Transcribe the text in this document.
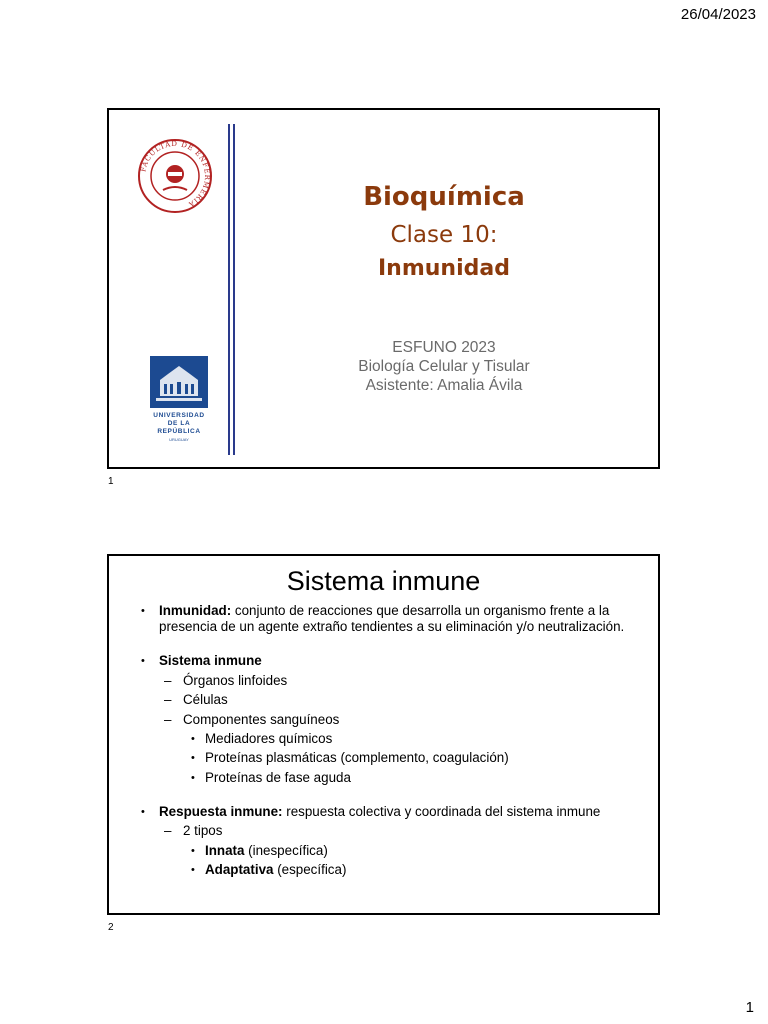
26/04/2023
FACULTAD DE ENFERMERIA
UNIVERSIDAD
DE LA REPÚBLICA
URUGUAY
Bioquímica
Clase 10:
Inmunidad
ESFUNO 2023
Biología Celular y Tisular
Asistente: Amalia Ávila
1
Sistema inmune
• Inmunidad: conjunto de reacciones que desarrolla un organismo frente a la presencia de un agente extraño tendientes a su eliminación y/o neutralización.
• Sistema inmune
– Órganos linfoides
– Células
– Componentes sanguíneos
• Mediadores químicos
• Proteínas plasmáticas (complemento, coagulación)
• Proteínas de fase aguda
• Respuesta inmune: respuesta colectiva y coordinada del sistema inmune
– 2 tipos
• Innata (inespecífica)
• Adaptativa (específica)
2
1
